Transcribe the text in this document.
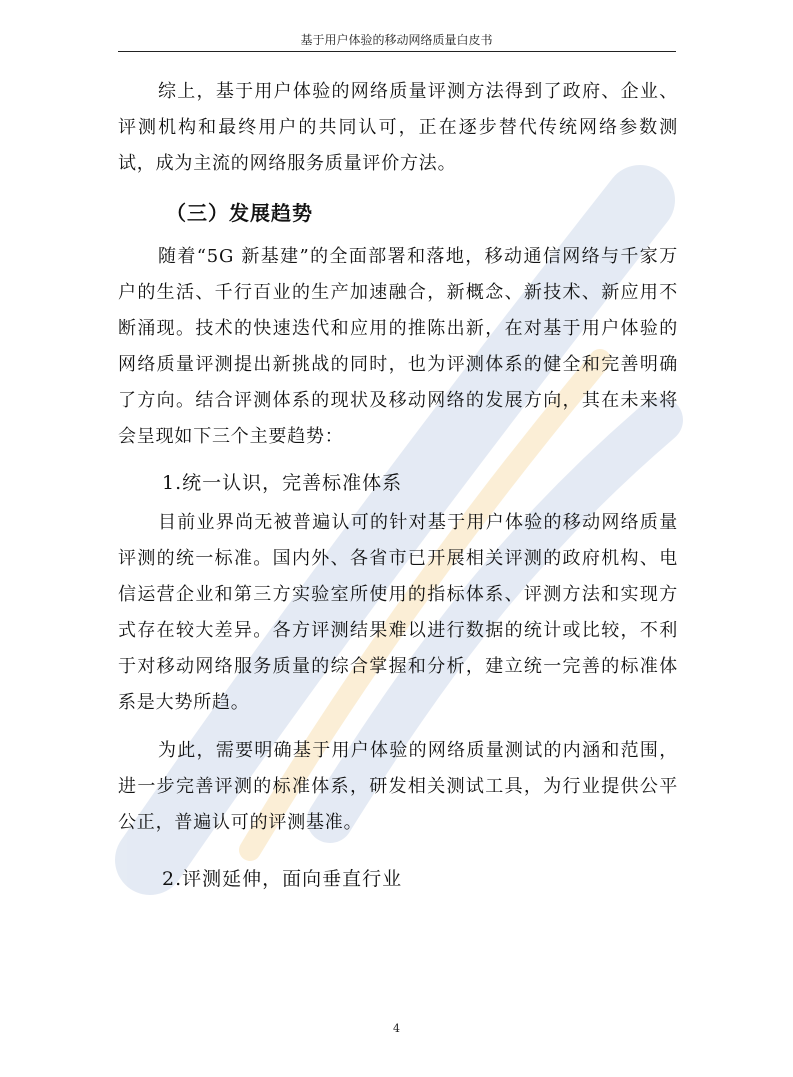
基于用户体验的移动网络质量白皮书

综上，基于用户体验的网络质量评测方法得到了政府、企业、评测机构和最终用户的共同认可，正在逐步替代传统网络参数测试，成为主流的网络服务质量评价方法。

（三）发展趋势

随着“5G 新基建”的全面部署和落地，移动通信网络与千家万户的生活、千行百业的生产加速融合，新概念、新技术、新应用不断涌现。技术的快速迭代和应用的推陈出新，在对基于用户体验的网络质量评测提出新挑战的同时，也为评测体系的健全和完善明确了方向。结合评测体系的现状及移动网络的发展方向，其在未来将会呈现如下三个主要趋势：

1.统一认识，完善标准体系

目前业界尚无被普遍认可的针对基于用户体验的移动网络质量评测的统一标准。国内外、各省市已开展相关评测的政府机构、电信运营企业和第三方实验室所使用的指标体系、评测方法和实现方式存在较大差异。各方评测结果难以进行数据的统计或比较，不利于对移动网络服务质量的综合掌握和分析，建立统一完善的标准体系是大势所趋。

为此，需要明确基于用户体验的网络质量测试的内涵和范围，进一步完善评测的标准体系，研发相关测试工具，为行业提供公平公正，普遍认可的评测基准。

2.评测延伸，面向垂直行业
4
